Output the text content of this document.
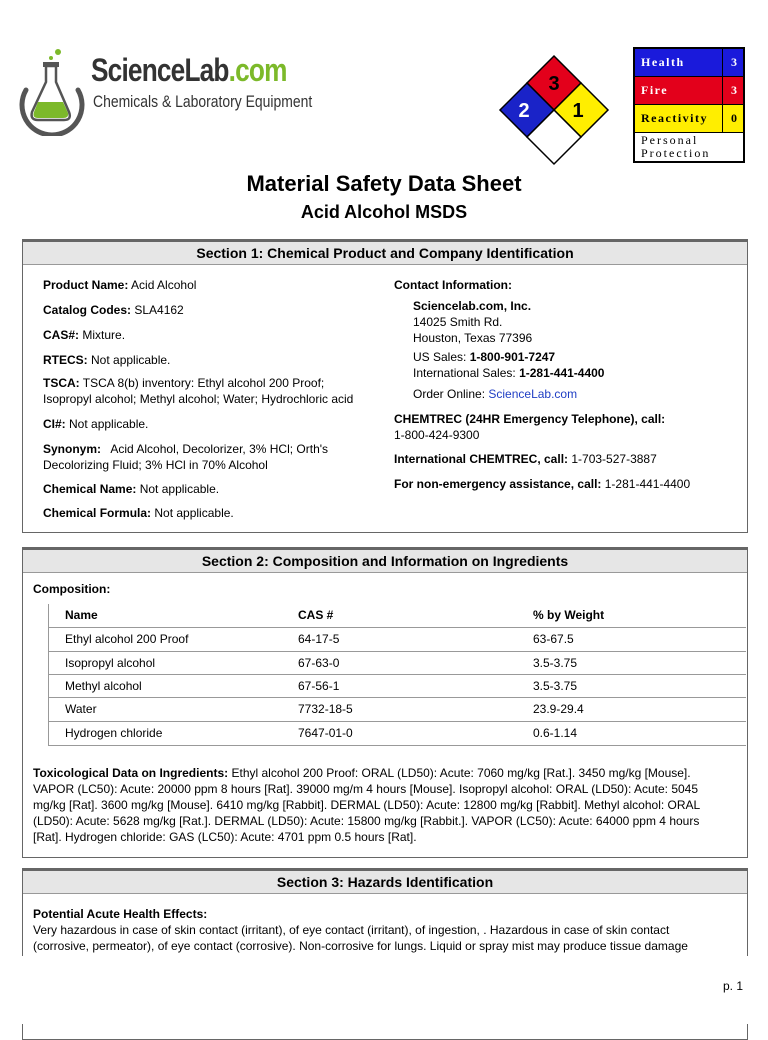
ScienceLab.com
Chemicals & Laboratory Equipment
3
2 1
Health	3
Fire	3
Reactivity	0
Personal
Protection	
Material Safety Data Sheet
Acid Alcohol MSDS
Section 1: Chemical Product and Company Identification
Product Name: Acid Alcohol
Catalog Codes: SLA4162
CAS#: Mixture.
RTECS: Not applicable.
TSCA: TSCA 8(b) inventory: Ethyl alcohol 200 Proof;
Isopropyl alcohol; Methyl alcohol; Water; Hydrochloric acid
CI#: Not applicable.
Synonym:   Acid Alcohol, Decolorizer, 3% HCl; Orth's
Decolorizing Fluid; 3% HCl in 70% Alcohol
Chemical Name: Not applicable.
Chemical Formula: Not applicable.
Contact Information:
Sciencelab.com, Inc.
14025 Smith Rd.
Houston, Texas 77396
US Sales: 1-800-901-7247
International Sales: 1-281-441-4400
Order Online: ScienceLab.com
CHEMTREC (24HR Emergency Telephone), call:
1-800-424-9300
International CHEMTREC, call: 1-703-527-3887
For non-emergency assistance, call: 1-281-441-4400
Section 2: Composition and Information on Ingredients
Composition:
Name	CAS #	% by Weight
Ethyl alcohol 200 Proof	64-17-5	63-67.5
Isopropyl alcohol	67-63-0	3.5-3.75
Methyl alcohol	67-56-1	3.5-3.75
Water	7732-18-5	23.9-29.4
Hydrogen chloride	7647-01-0	0.6-1.14
Toxicological Data on Ingredients: Ethyl alcohol 200 Proof: ORAL (LD50): Acute: 7060 mg/kg [Rat.]. 3450 mg/kg [Mouse].
VAPOR (LC50): Acute: 20000 ppm 8 hours [Rat]. 39000 mg/m 4 hours [Mouse]. Isopropyl alcohol: ORAL (LD50): Acute: 5045
mg/kg [Rat]. 3600 mg/kg [Mouse]. 6410 mg/kg [Rabbit]. DERMAL (LD50): Acute: 12800 mg/kg [Rabbit]. Methyl alcohol: ORAL
(LD50): Acute: 5628 mg/kg [Rat.]. DERMAL (LD50): Acute: 15800 mg/kg [Rabbit.]. VAPOR (LC50): Acute: 64000 ppm 4 hours
[Rat]. Hydrogen chloride: GAS (LC50): Acute: 4701 ppm 0.5 hours [Rat].
Section 3: Hazards Identification
Potential Acute Health Effects:
Very hazardous in case of skin contact (irritant), of eye contact (irritant), of ingestion, . Hazardous in case of skin contact
(corrosive, permeator), of eye contact (corrosive). Non-corrosive for lungs. Liquid or spray mist may produce tissue damage
p. 1
